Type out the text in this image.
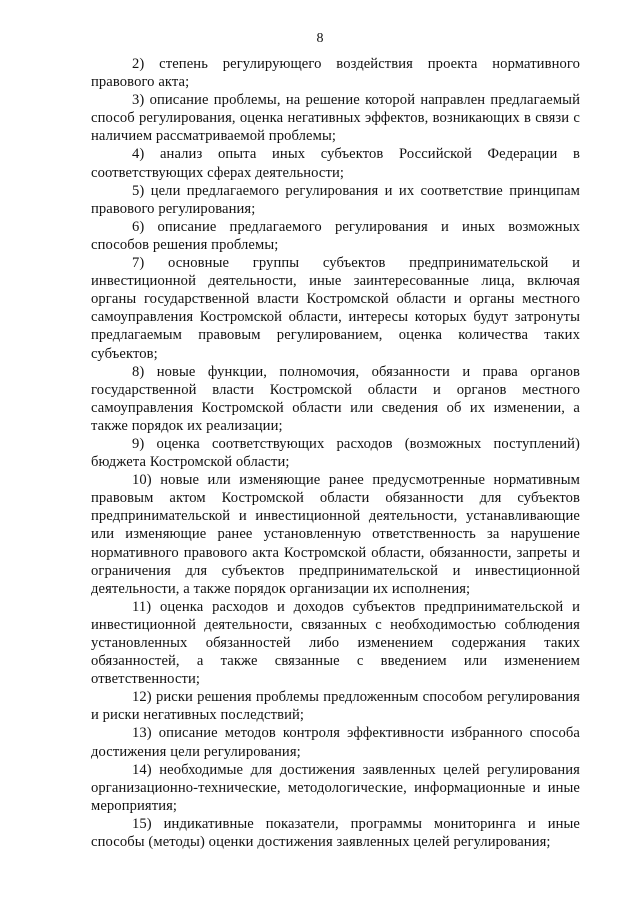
8

2) степень регулирующего воздействия проекта нормативного правового акта;

3) описание проблемы, на решение которой направлен предлагаемый способ регулирования, оценка негативных эффектов, возникающих в связи с наличием рассматриваемой проблемы;

4) анализ опыта иных субъектов Российской Федерации в соответствующих сферах деятельности;

5) цели предлагаемого регулирования и их соответствие принципам правового регулирования;

6) описание предлагаемого регулирования и иных возможных способов решения проблемы;

7) основные группы субъектов предпринимательской и инвестиционной деятельности, иные заинтересованные лица, включая органы государственной власти Костромской области и органы местного самоуправления Костромской области, интересы которых будут затронуты предлагаемым правовым регулированием, оценка количества таких субъектов;

8) новые функции, полномочия, обязанности и права органов государственной власти Костромской области и органов местного самоуправления Костромской области или сведения об их изменении, а также порядок их реализации;

9) оценка соответствующих расходов (возможных поступлений) бюджета Костромской области;

10) новые или изменяющие ранее предусмотренные нормативным правовым актом Костромской области обязанности для субъектов предпринимательской и инвестиционной деятельности, устанавливающие или изменяющие ранее установленную ответственность за нарушение нормативного правового акта Костромской области, обязанности, запреты и ограничения для субъектов предпринимательской и инвестиционной деятельности, а также порядок организации их исполнения;

11) оценка расходов и доходов субъектов предпринимательской и инвестиционной деятельности, связанных с необходимостью соблюдения установленных обязанностей либо изменением содержания таких обязанностей, а также связанные с введением или изменением ответственности;

12) риски решения проблемы предложенным способом регулирования и риски негативных последствий;

13) описание методов контроля эффективности избранного способа достижения цели регулирования;

14) необходимые для достижения заявленных целей регулирования организационно-технические, методологические, информационные и иные мероприятия;

15) индикативные показатели, программы мониторинга и иные способы (методы) оценки достижения заявленных целей регулирования;
